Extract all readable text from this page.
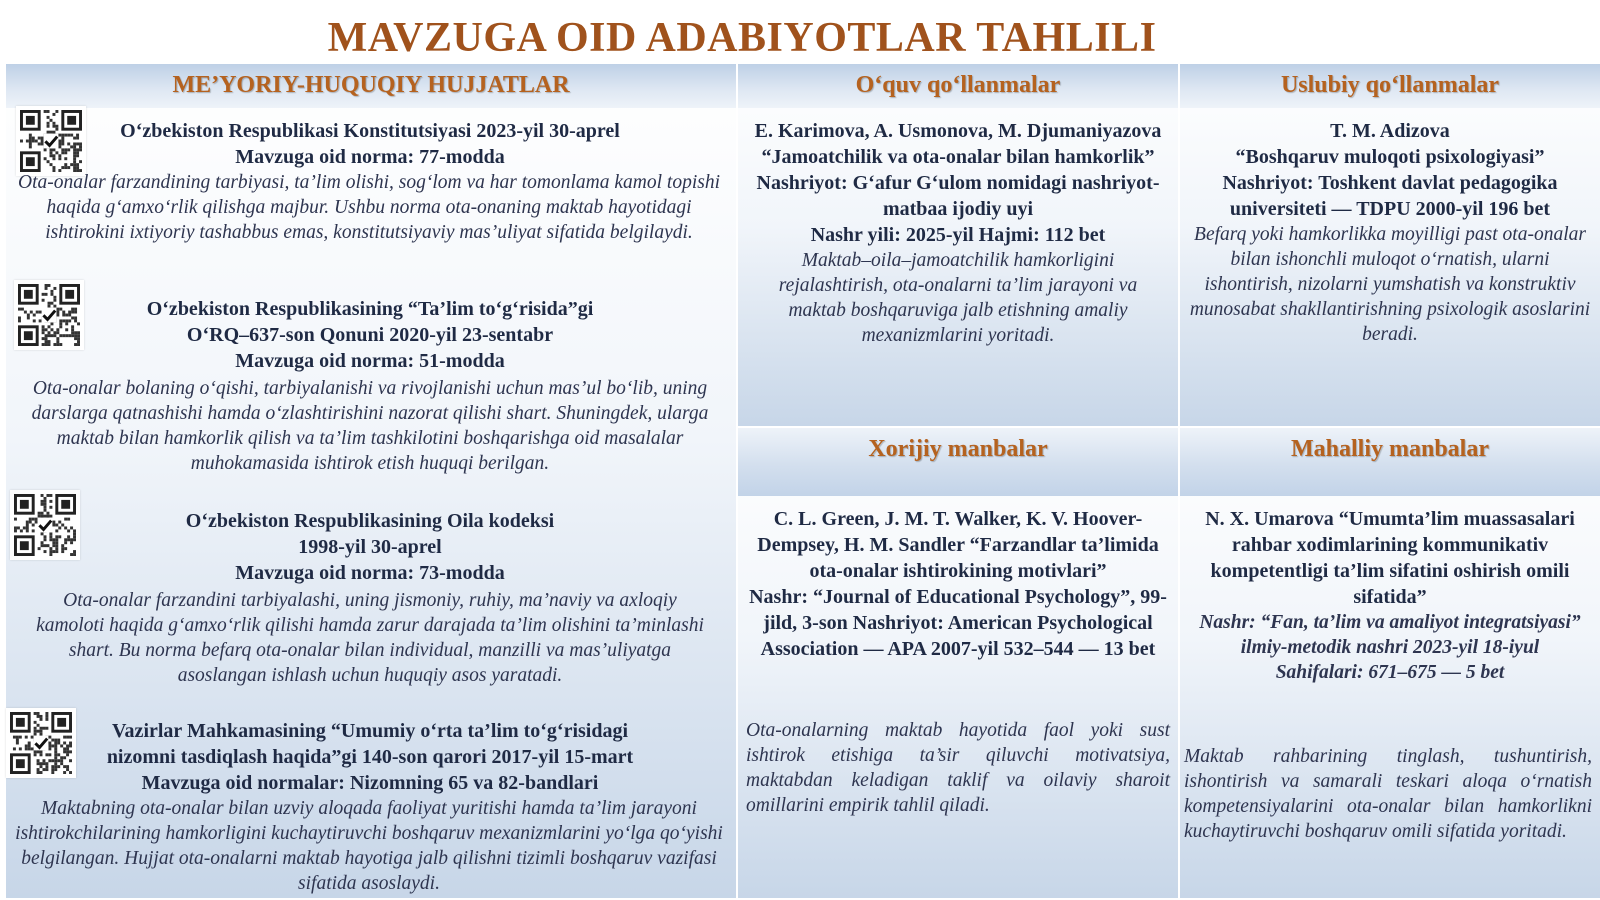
MAVZUGA OID ADABIYOTLAR TAHLILI
ME’YORIY-HUQUQIY HUJJATLAR
O‘zbekiston Respublikasi Konstitutsiyasi 2023-yil 30-aprel
Mavzuga oid norma: 77-modda
Ota-onalar farzandining tarbiyasi, ta’lim olishi, sog‘lom va har tomonlama kamol topishi haqida g‘amxo‘rlik qilishga majbur. Ushbu norma ota-onaning maktab hayotidagi ishtirokini ixtiyoriy tashabbus emas, konstitutsiyaviy mas’uliyat sifatida belgilaydi.
O‘zbekiston Respublikasining “Ta’lim to‘g‘risida”gi
O‘RQ–637-son Qonuni 2020-yil 23-sentabr
Mavzuga oid norma: 51-modda
Ota-onalar bolaning o‘qishi, tarbiyalanishi va rivojlanishi uchun mas’ul bo‘lib, uning darslarga qatnashishi hamda o‘zlashtirishini nazorat qilishi shart. Shuningdek, ularga maktab bilan hamkorlik qilish va ta’lim tashkilotini boshqarishga oid masalalar muhokamasida ishtirok etish huquqi berilgan.
O‘zbekiston Respublikasining Oila kodeksi
1998-yil 30-aprel
Mavzuga oid norma: 73-modda
Ota-onalar farzandini tarbiyalashi, uning jismoniy, ruhiy, ma’naviy va axloqiy kamoloti haqida g‘amxo‘rlik qilishi hamda zarur darajada ta’lim olishini ta’minlashi shart. Bu norma befarq ota-onalar bilan individual, manzilli va mas’uliyatga asoslangan ishlash uchun huquqiy asos yaratadi.
Vazirlar Mahkamasining “Umumiy o‘rta ta’lim to‘g‘risidagi
nizomni tasdiqlash haqida”gi 140-son qarori 2017-yil 15-mart
Mavzuga oid normalar: Nizomning 65 va 82-bandlari
Maktabning ota-onalar bilan uzviy aloqada faoliyat yuritishi hamda ta’lim jarayoni ishtirokchilarining hamkorligini kuchaytiruvchi boshqaruv mexanizmlarini yo‘lga qo‘yishi belgilangan. Hujjat ota-onalarni maktab hayotiga jalb qilishni tizimli boshqaruv vazifasi sifatida asoslaydi.
O‘quv qo‘llanmalar
E. Karimova, A. Usmonova, M. Djumaniyazova
“Jamoatchilik va ota-onalar bilan hamkorlik”
Nashriyot: G‘afur G‘ulom nomidagi nashriyot-matbaa ijodiy uyi
Nashr yili: 2025-yil Hajmi: 112 bet
Maktab–oila–jamoatchilik hamkorligini rejalashtirish, ota-onalarni ta’lim jarayoni va maktab boshqaruviga jalb etishning amaliy mexanizmlarini yoritadi.
Uslubiy qo‘llanmalar
T. M. Adizova
“Boshqaruv muloqoti psixologiyasi”
Nashriyot: Toshkent davlat pedagogika universiteti — TDPU 2000-yil 196 bet
Befarq yoki hamkorlikka moyilligi past ota-onalar bilan ishonchli muloqot o‘rnatish, ularni ishontirish, nizolarni yumshatish va konstruktiv munosabat shakllantirishning psixologik asoslarini beradi.
Xorijiy manbalar
C. L. Green, J. M. T. Walker, K. V. Hoover-Dempsey, H. M. Sandler “Farzandlar ta’limida ota-onalar ishtirokining motivlari”
Nashr: “Journal of Educational Psychology”, 99-jild, 3-son Nashriyot: American Psychological Association — APA 2007-yil 532–544 — 13 bet
Ota-onalarning maktab hayotida faol yoki sust ishtirok etishiga ta’sir qiluvchi motivatsiya, maktabdan keladigan taklif va oilaviy sharoit omillarini empirik tahlil qiladi.
Mahalliy manbalar
N. X. Umarova “Umumta’lim muassasalari rahbar xodimlarining kommunikativ kompetentligi ta’lim sifatini oshirish omili sifatida”
Nashr: “Fan, ta’lim va amaliyot integratsiyasi” ilmiy-metodik nashri 2023-yil 18-iyul
Sahifalari: 671–675 — 5 bet
Maktab rahbarining tinglash, tushuntirish, ishontirish va samarali teskari aloqa o‘rnatish kompetensiyalarini ota-onalar bilan hamkorlikni kuchaytiruvchi boshqaruv omili sifatida yoritadi.
